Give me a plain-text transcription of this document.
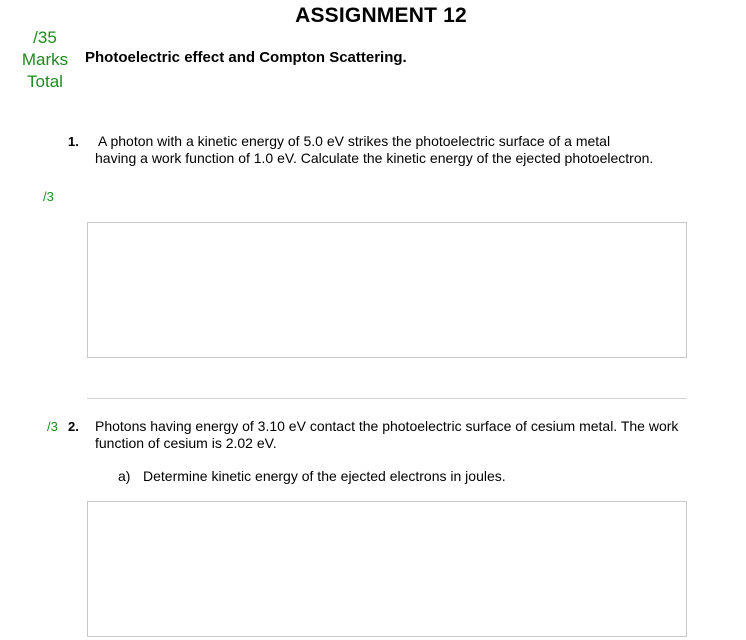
ASSIGNMENT 12
/35
Marks
Total
Photoelectric effect and Compton Scattering.
1. A photon with a kinetic energy of 5.0 eV strikes the photoelectric surface of a metal having a work function of 1.0 eV. Calculate the kinetic energy of the ejected photoelectron.
/3
/3 2. Photons having energy of 3.10 eV contact the photoelectric surface of cesium metal. The work function of cesium is 2.02 eV.
a) Determine kinetic energy of the ejected electrons in joules.
